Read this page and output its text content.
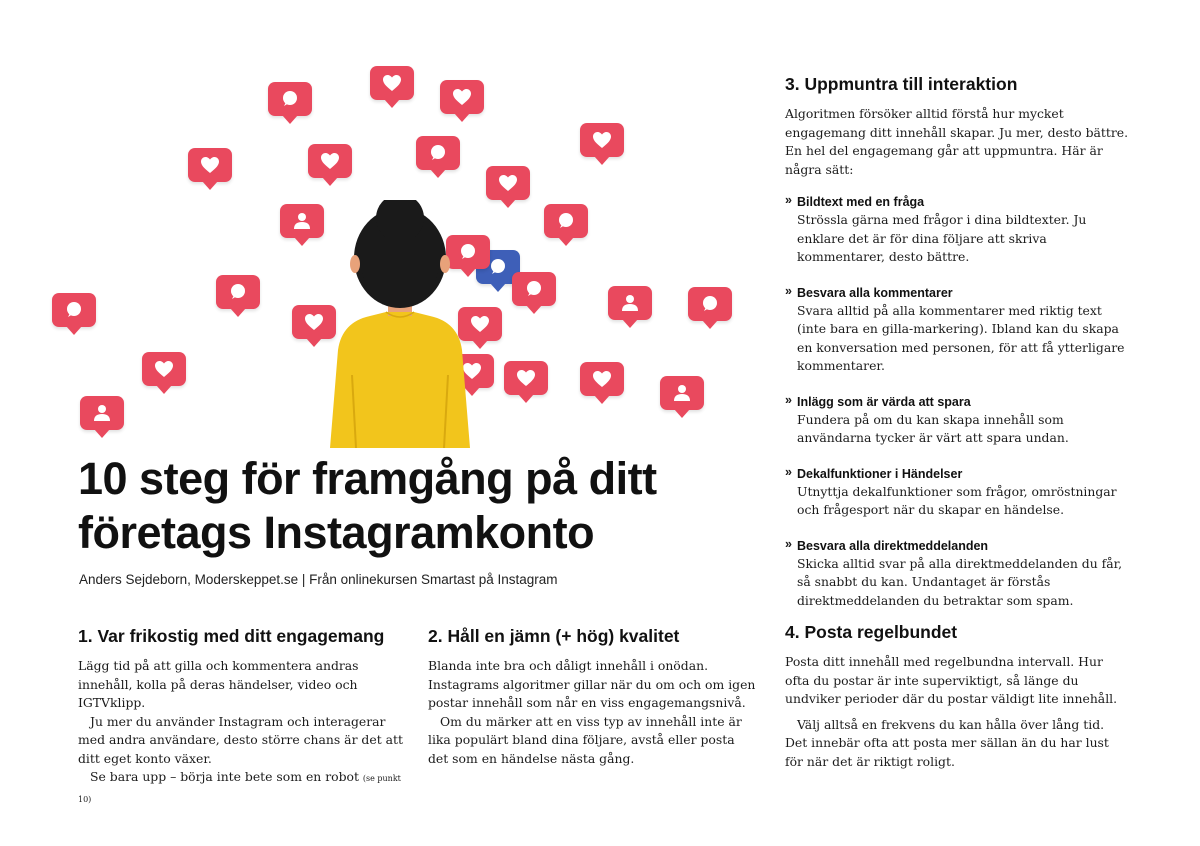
10 steg för framgång på ditt
företags Instagramkonto

Anders Sejdeborn, Moderskeppet.se | Från onlinekursen Smartast på Instagram

1. Var frikostig med ditt engagemang

Lägg tid på att gilla och kommentera andras innehåll, kolla på deras händelser, video och IGTVklipp.

Ju mer du använder Instagram och interagerar med andra användare, desto större chans är det att ditt eget konto växer.

Se bara upp – börja inte bete som en robot (se punkt 10)

2. Håll en jämn (+ hög) kvalitet

Blanda inte bra och dåligt innehåll i onödan. Instagrams algoritmer gillar när du om och om igen postar innehåll som når en viss engagemangsnivå.

Om du märker att en viss typ av innehåll inte är lika populärt bland dina följare, avstå eller posta det som en händelse nästa gång.

3. Uppmuntra till interaktion

Algoritmen försöker alltid förstå hur mycket engagemang ditt innehåll skapar. Ju mer, desto bättre. En hel del engagemang går att uppmuntra. Här är några sätt:

» Bildtext med en fråga
Strössla gärna med frågor i dina bildtexter. Ju enklare det är för dina följare att skriva kommentarer, desto bättre.
» Besvara alla kommentarer
Svara alltid på alla kommentarer med riktig text (inte bara en gilla-markering). Ibland kan du skapa en konversation med personen, för att få ytterligare kommentarer.
» Inlägg som är värda att spara
Fundera på om du kan skapa innehåll som användarna tycker är värt att spara undan.
» Dekalfunktioner i Händelser
Utnyttja dekalfunktioner som frågor, omröstningar och frågesport när du skapar en händelse.
» Besvara alla direktmeddelanden
Skicka alltid svar på alla direktmeddelanden du får, så snabbt du kan. Undantaget är förstås direktmeddelanden du betraktar som spam.
4. Posta regelbundet

Posta ditt innehåll med regelbundna intervall. Hur ofta du postar är inte superviktigt, så länge du undviker perioder där du postar väldigt lite innehåll.

Välj alltså en frekvens du kan hålla över lång tid. Det innebär ofta att posta mer sällan än du har lust för när det är riktigt roligt.
